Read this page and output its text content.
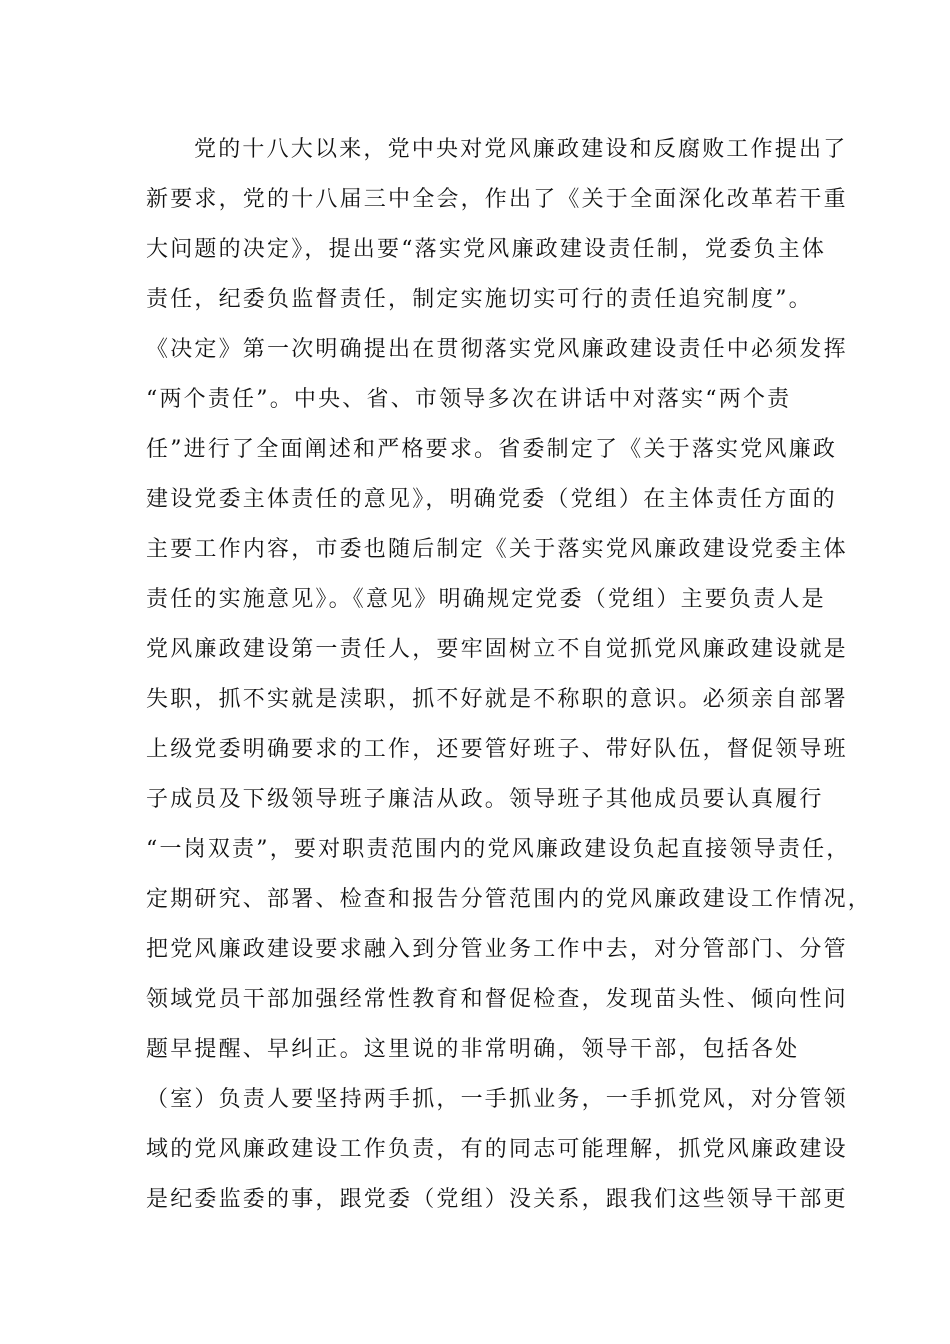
党的十八大以来，党中央对党风廉政建设和反腐败工作提出了
新要求，党的十八届三中全会，作出了《关于全面深化改革若干重
大问题的决定》，提出要“落实党风廉政建设责任制，党委负主体
责任，纪委负监督责任，制定实施切实可行的责任追究制度”。
《决定》第一次明确提出在贯彻落实党风廉政建设责任中必须发挥
“两个责任”。中央、省、市领导多次在讲话中对落实“两个责
任”进行了全面阐述和严格要求。省委制定了《关于落实党风廉政
建设党委主体责任的意见》，明确党委（党组）在主体责任方面的
主要工作内容，市委也随后制定《关于落实党风廉政建设党委主体
责任的实施意见》。《意见》明确规定党委（党组）主要负责人是
党风廉政建设第一责任人，要牢固树立不自觉抓党风廉政建设就是
失职，抓不实就是渎职，抓不好就是不称职的意识。必须亲自部署
上级党委明确要求的工作，还要管好班子、带好队伍，督促领导班
子成员及下级领导班子廉洁从政。领导班子其他成员要认真履行
“一岗双责”，要对职责范围内的党风廉政建设负起直接领导责任，
定期研究、部署、检查和报告分管范围内的党风廉政建设工作情况，
把党风廉政建设要求融入到分管业务工作中去，对分管部门、分管
领域党员干部加强经常性教育和督促检查，发现苗头性、倾向性问
题早提醒、早纠正。这里说的非常明确，领导干部，包括各处
（室）负责人要坚持两手抓，一手抓业务，一手抓党风，对分管领
域的党风廉政建设工作负责，有的同志可能理解，抓党风廉政建设
是纪委监委的事，跟党委（党组）没关系，跟我们这些领导干部更
